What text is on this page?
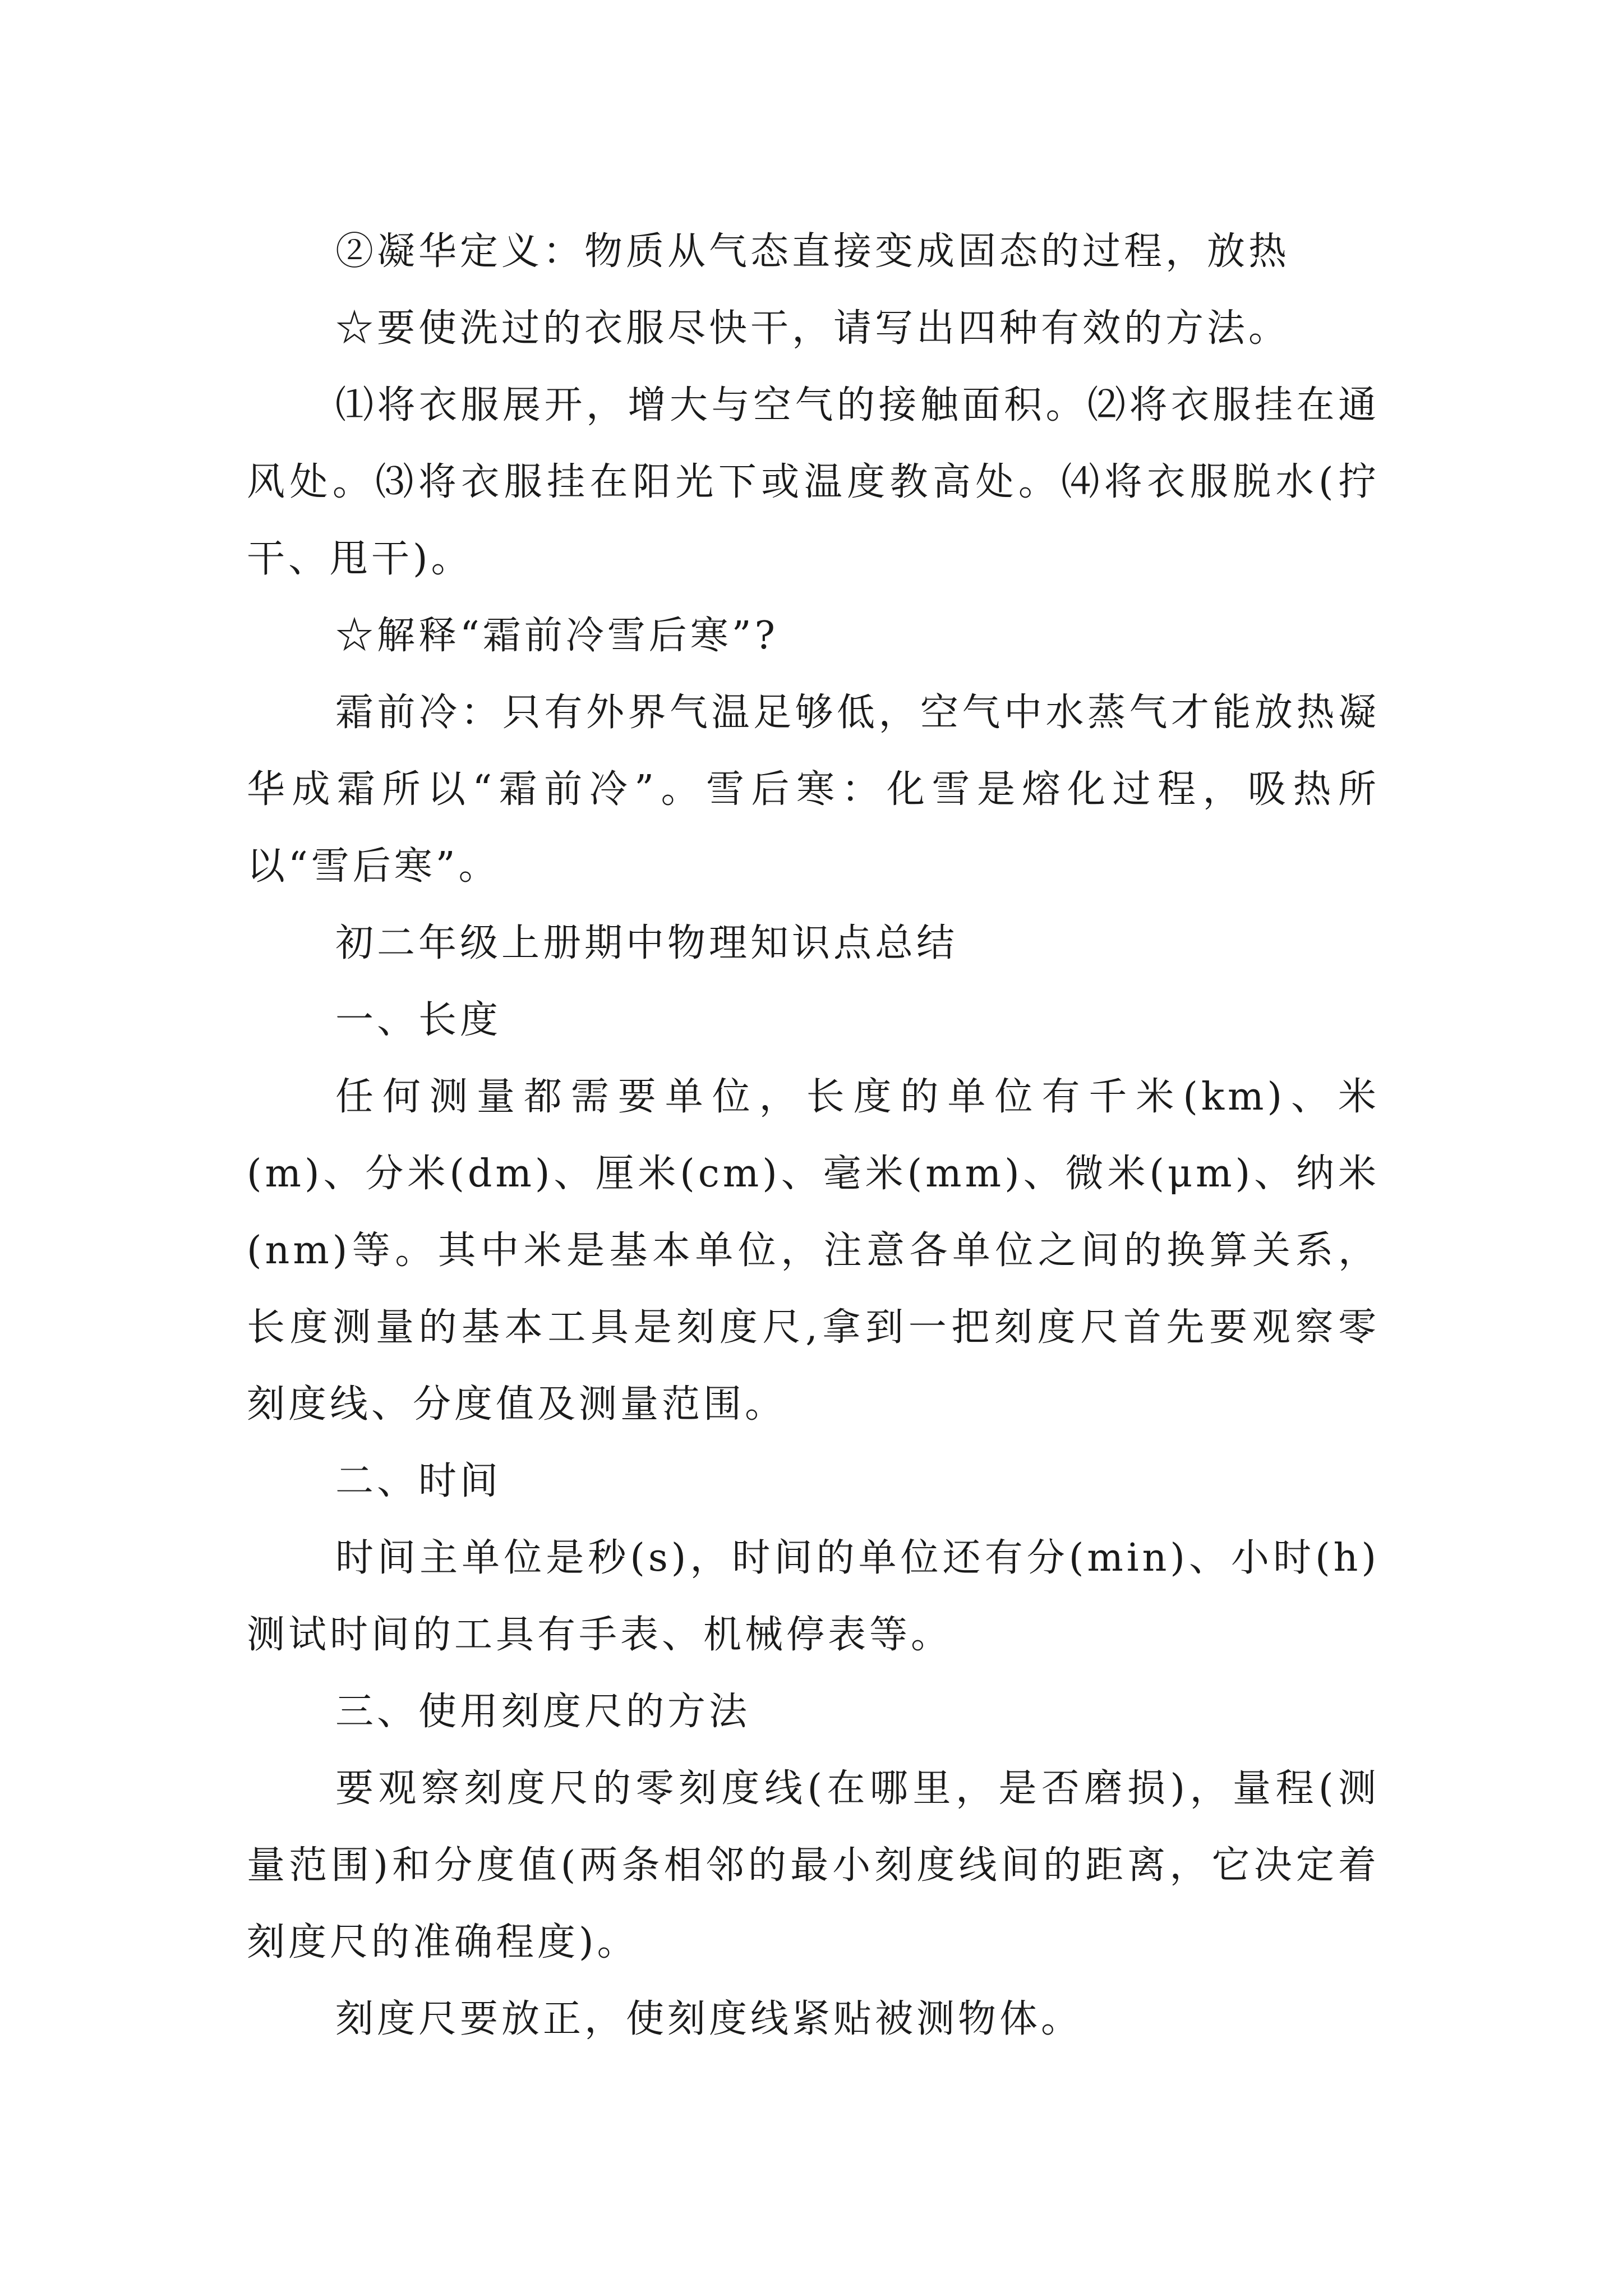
②凝华定义：物质从气态直接变成固态的过程，放热

☆要使洗过的衣服尽快干，请写出四种有效的方法。

⑴将衣服展开，增大与空气的接触面积。⑵将衣服挂在通风处。⑶将衣服挂在阳光下或温度教高处。⑷将衣服脱水(拧干、甩干)。

☆解释“霜前冷雪后寒”?

霜前冷：只有外界气温足够低，空气中水蒸气才能放热凝华成霜所以“霜前冷”。雪后寒：化雪是熔化过程，吸热所以“雪后寒”。

初二年级上册期中物理知识点总结

一、长度

任何测量都需要单位，长度的单位有千米(km)、米(m)、分米(dm)、厘米(cm)、毫米(mm)、微米(μm)、纳米(nm)等。其中米是基本单位，注意各单位之间的换算关系，长度测量的基本工具是刻度尺,拿到一把刻度尺首先要观察零刻度线、分度值及测量范围。

二、时间

时间主单位是秒(s)，时间的单位还有分(min)、小时(h)测试时间的工具有手表、机械停表等。

三、使用刻度尺的方法

要观察刻度尺的零刻度线(在哪里，是否磨损)，量程(测量范围)和分度值(两条相邻的最小刻度线间的距离，它决定着刻度尺的准确程度)。

刻度尺要放正，使刻度线紧贴被测物体。
